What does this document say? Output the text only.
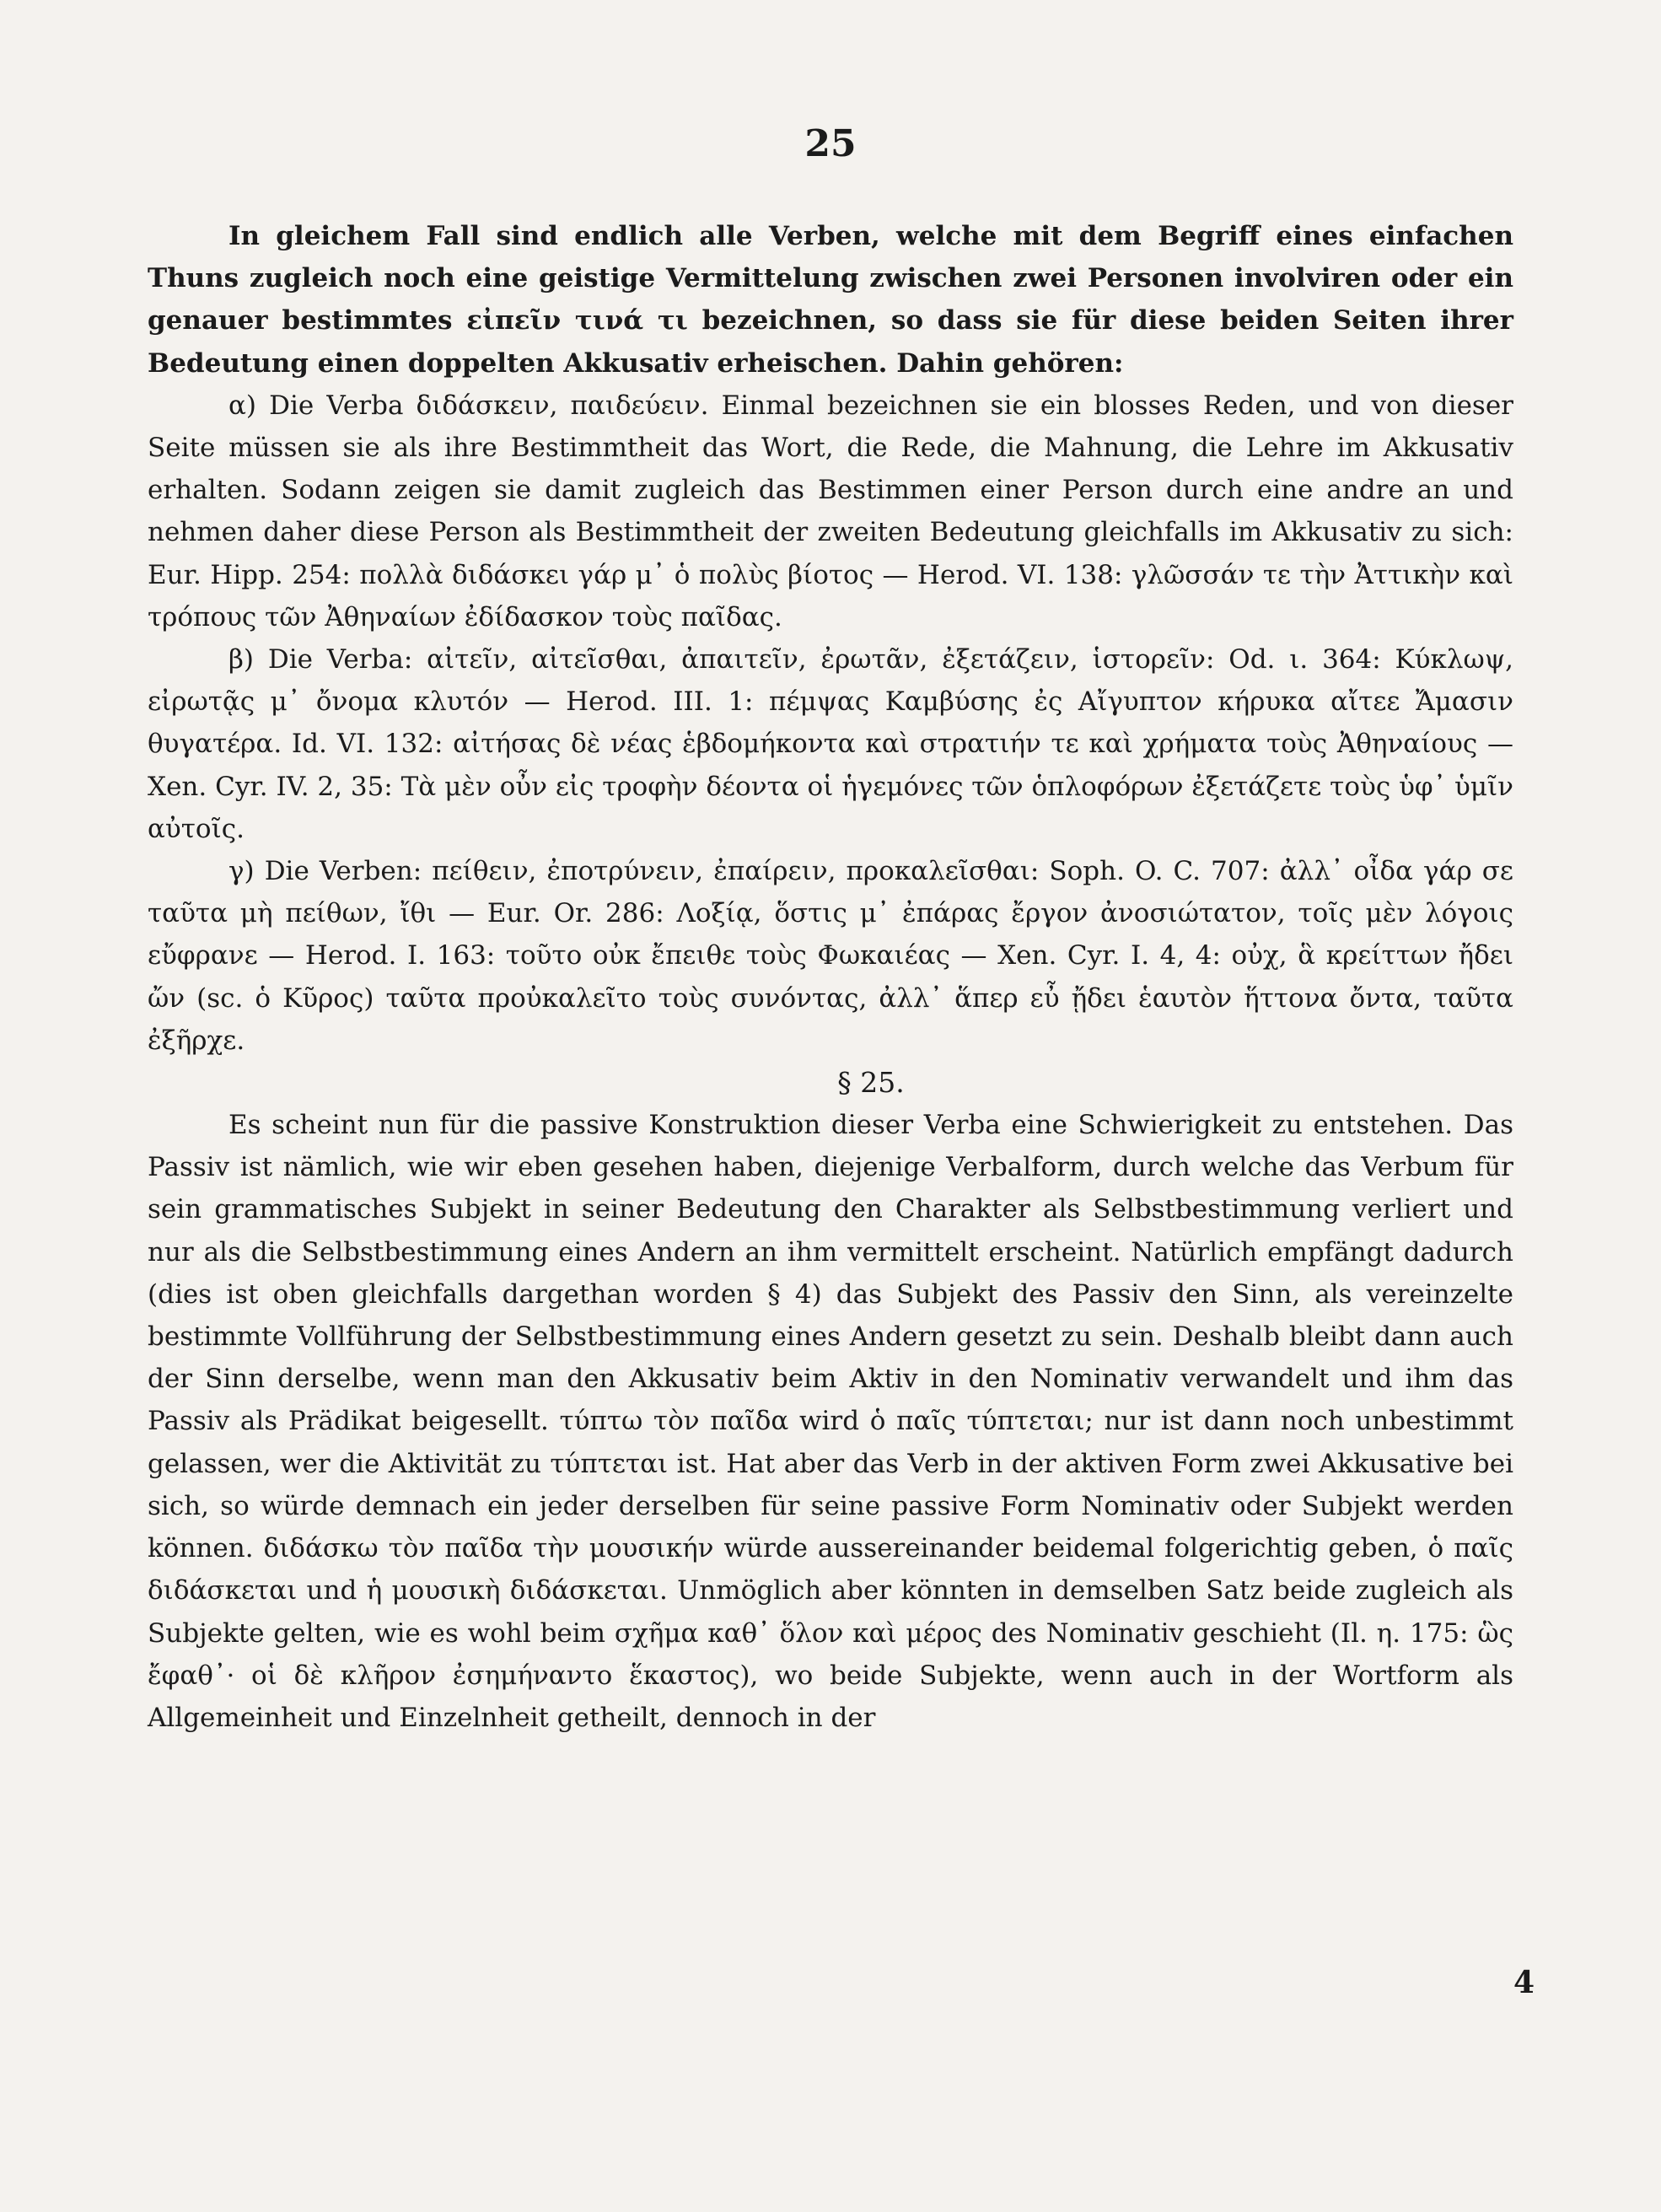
25

In gleichem Fall sind endlich alle Verben, welche mit dem Begriff eines einfachen Thuns zugleich noch eine geistige Vermittelung zwischen zwei Personen involviren oder ein genauer bestimmtes εἰπεῖν τινά τι bezeichnen, so dass sie für diese beiden Seiten ihrer Bedeutung einen doppelten Akkusativ erheischen. Dahin gehören:

α) Die Verba διδάσκειν, παιδεύειν. Einmal bezeichnen sie ein blosses Reden, und von dieser Seite müssen sie als ihre Bestimmtheit das Wort, die Rede, die Mahnung, die Lehre im Akkusativ erhalten. Sodann zeigen sie damit zugleich das Bestimmen einer Person durch eine andre an und nehmen daher diese Person als Bestimmtheit der zweiten Bedeutung gleichfalls im Akkusativ zu sich: Eur. Hipp. 254: πολλὰ διδάσκει γάρ μ᾽ ὁ πολὺς βίοτος — Herod. VI. 138: γλῶσσάν τε τὴν Ἀττικὴν καὶ τρόπους τῶν Ἀθηναίων ἐδίδασκον τοὺς παῖδας.

β) Die Verba: αἰτεῖν, αἰτεῖσθαι, ἀπαιτεῖν, ἐρωτᾶν, ἐξετάζειν, ἱστορεῖν: Od. ι. 364: Κύκλωψ, εἰρωτᾷς μ᾽ ὄνομα κλυτόν — Herod. III. 1: πέμψας Καμβύσης ἐς Αἴγυπτον κήρυκα αἴτεε Ἄμασιν θυγατέρα. Id. VI. 132: αἰτήσας δὲ νέας ἑβδομήκοντα καὶ στρατιήν τε καὶ χρήματα τοὺς Ἀθηναίους — Xen. Cyr. IV. 2, 35: Τὰ μὲν οὖν εἰς τροφὴν δέοντα οἱ ἡγεμόνες τῶν ὁπλοφόρων ἐξετάζετε τοὺς ὑφ᾽ ὑμῖν αὐτοῖς.

γ) Die Verben: πείθειν, ἐποτρύνειν, ἐπαίρειν, προκαλεῖσθαι: Soph. O. C. 707: ἀλλ᾽ οἶδα γάρ σε ταῦτα μὴ πείθων, ἴθι — Eur. Or. 286: Λοξίᾳ, ὅστις μ᾽ ἐπάρας ἔργον ἀνοσιώτατον, τοῖς μὲν λόγοις εὔφρανε — Herod. I. 163: τοῦτο οὐκ ἔπειθε τοὺς Φωκαιέας — Xen. Cyr. I. 4, 4: οὐχ, ἃ κρείττων ἤδει ὤν (sc. ὁ Κῦρος) ταῦτα προὐκαλεῖτο τοὺς συνόντας, ἀλλ᾽ ἅπερ εὖ ᾔδει ἑαυτὸν ἥττονα ὄντα, ταῦτα ἐξῆρχε.

§ 25.

Es scheint nun für die passive Konstruktion dieser Verba eine Schwierigkeit zu entstehen. Das Passiv ist nämlich, wie wir eben gesehen haben, diejenige Verbalform, durch welche das Verbum für sein grammatisches Subjekt in seiner Bedeutung den Charakter als Selbstbestimmung verliert und nur als die Selbstbestimmung eines Andern an ihm vermittelt erscheint. Natürlich empfängt dadurch (dies ist oben gleichfalls dargethan worden § 4) das Subjekt des Passiv den Sinn, als vereinzelte bestimmte Vollführung der Selbstbestimmung eines Andern gesetzt zu sein. Deshalb bleibt dann auch der Sinn derselbe, wenn man den Akkusativ beim Aktiv in den Nominativ verwandelt und ihm das Passiv als Prädikat beigesellt. τύπτω τὸν παῖδα wird ὁ παῖς τύπτεται; nur ist dann noch unbestimmt gelassen, wer die Aktivität zu τύπτεται ist. Hat aber das Verb in der aktiven Form zwei Akkusative bei sich, so würde demnach ein jeder derselben für seine passive Form Nominativ oder Subjekt werden können. διδάσκω τὸν παῖδα τὴν μουσικήν würde aussereinander beidemal folgerichtig geben, ὁ παῖς διδάσκεται und ἡ μουσικὴ διδάσκεται. Unmöglich aber könnten in demselben Satz beide zugleich als Subjekte gelten, wie es wohl beim σχῆμα καθ᾽ ὅλον καὶ μέρος des Nominativ geschieht (Il. η. 175: ὣς ἔφαθ᾽· οἱ δὲ κλῆρον ἐσημήναντο ἕκαστος), wo beide Subjekte, wenn auch in der Wortform als Allgemeinheit und Einzelnheit getheilt, dennoch in der

4
